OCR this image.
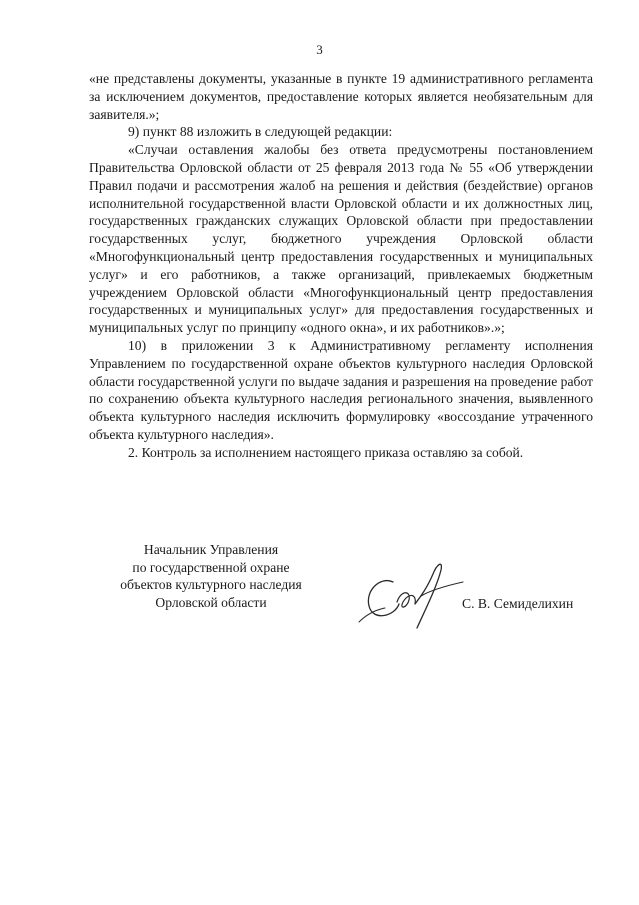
3

«не представлены документы, указанные в пункте 19 административного регламента за исключением документов, предоставление которых является необязательным для заявителя.»;

9) пункт 88 изложить в следующей редакции:

«Случаи оставления жалобы без ответа предусмотрены постановлением Правительства Орловской области от 25 февраля 2013 года № 55 «Об утверждении Правил подачи и рассмотрения жалоб на решения и действия (бездействие) органов исполнительной государственной власти Орловской области и их должностных лиц, государственных гражданских служащих Орловской области при предоставлении государственных услуг, бюджетного учреждения Орловской области «Многофункциональный центр предоставления государственных и муниципальных услуг» и его работников, а также организаций, привлекаемых бюджетным учреждением Орловской области «Многофункциональный центр предоставления государственных и муниципальных услуг» для предоставления государственных и муниципальных услуг по принципу «одного окна», и их работников».»;

10) в приложении 3 к Административному регламенту исполнения Управлением по государственной охране объектов культурного наследия Орловской области государственной услуги по выдаче задания и разрешения на проведение работ по сохранению объекта культурного наследия регионального значения, выявленного объекта культурного наследия исключить формулировку «воссоздание утраченного объекта культурного наследия».

2. Контроль за исполнением настоящего приказа оставляю за собой.

Начальник Управления
по государственной охране
объектов культурного наследия
Орловской области	С. В. Семиделихин
